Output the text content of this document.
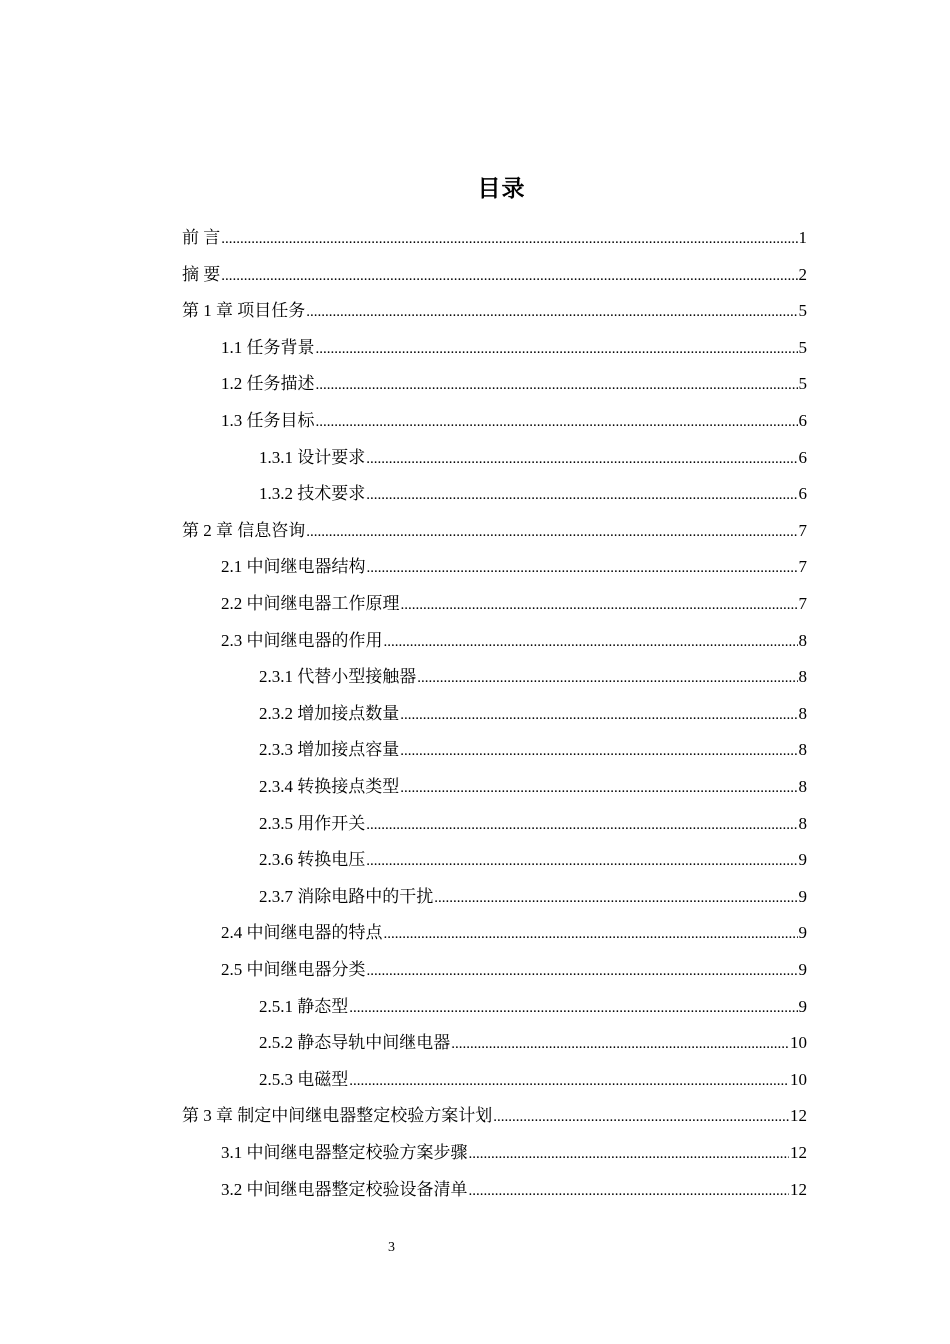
目录
前 言 .....	1
摘 要 .....	2
第 1 章 项目任务 .....	5
1.1 任务背景 .....	5
1.2 任务描述 .....	5
1.3 任务目标 .....	6
1.3.1 设计要求 .....	6
1.3.2 技术要求 .....	6
第 2 章 信息咨询 .....	7
2.1 中间继电器结构 .....	7
2.2 中间继电器工作原理 .....	7
2.3 中间继电器的作用 .....	8
2.3.1 代替小型接触器 .....	8
2.3.2 增加接点数量 .....	8
2.3.3 增加接点容量 .....	8
2.3.4 转换接点类型 .....	8
2.3.5 用作开关 .....	8
2.3.6 转换电压 .....	9
2.3.7 消除电路中的干扰 .....	9
2.4 中间继电器的特点 .....	9
2.5 中间继电器分类 .....	9
2.5.1 静态型 .....	9
2.5.2 静态导轨中间继电器 .....	10
2.5.3 电磁型 .....	10
第 3 章 制定中间继电器整定校验方案计划 .....	12
3.1 中间继电器整定校验方案步骤 .....	12
3.2 中间继电器整定校验设备清单 .....	12
3
